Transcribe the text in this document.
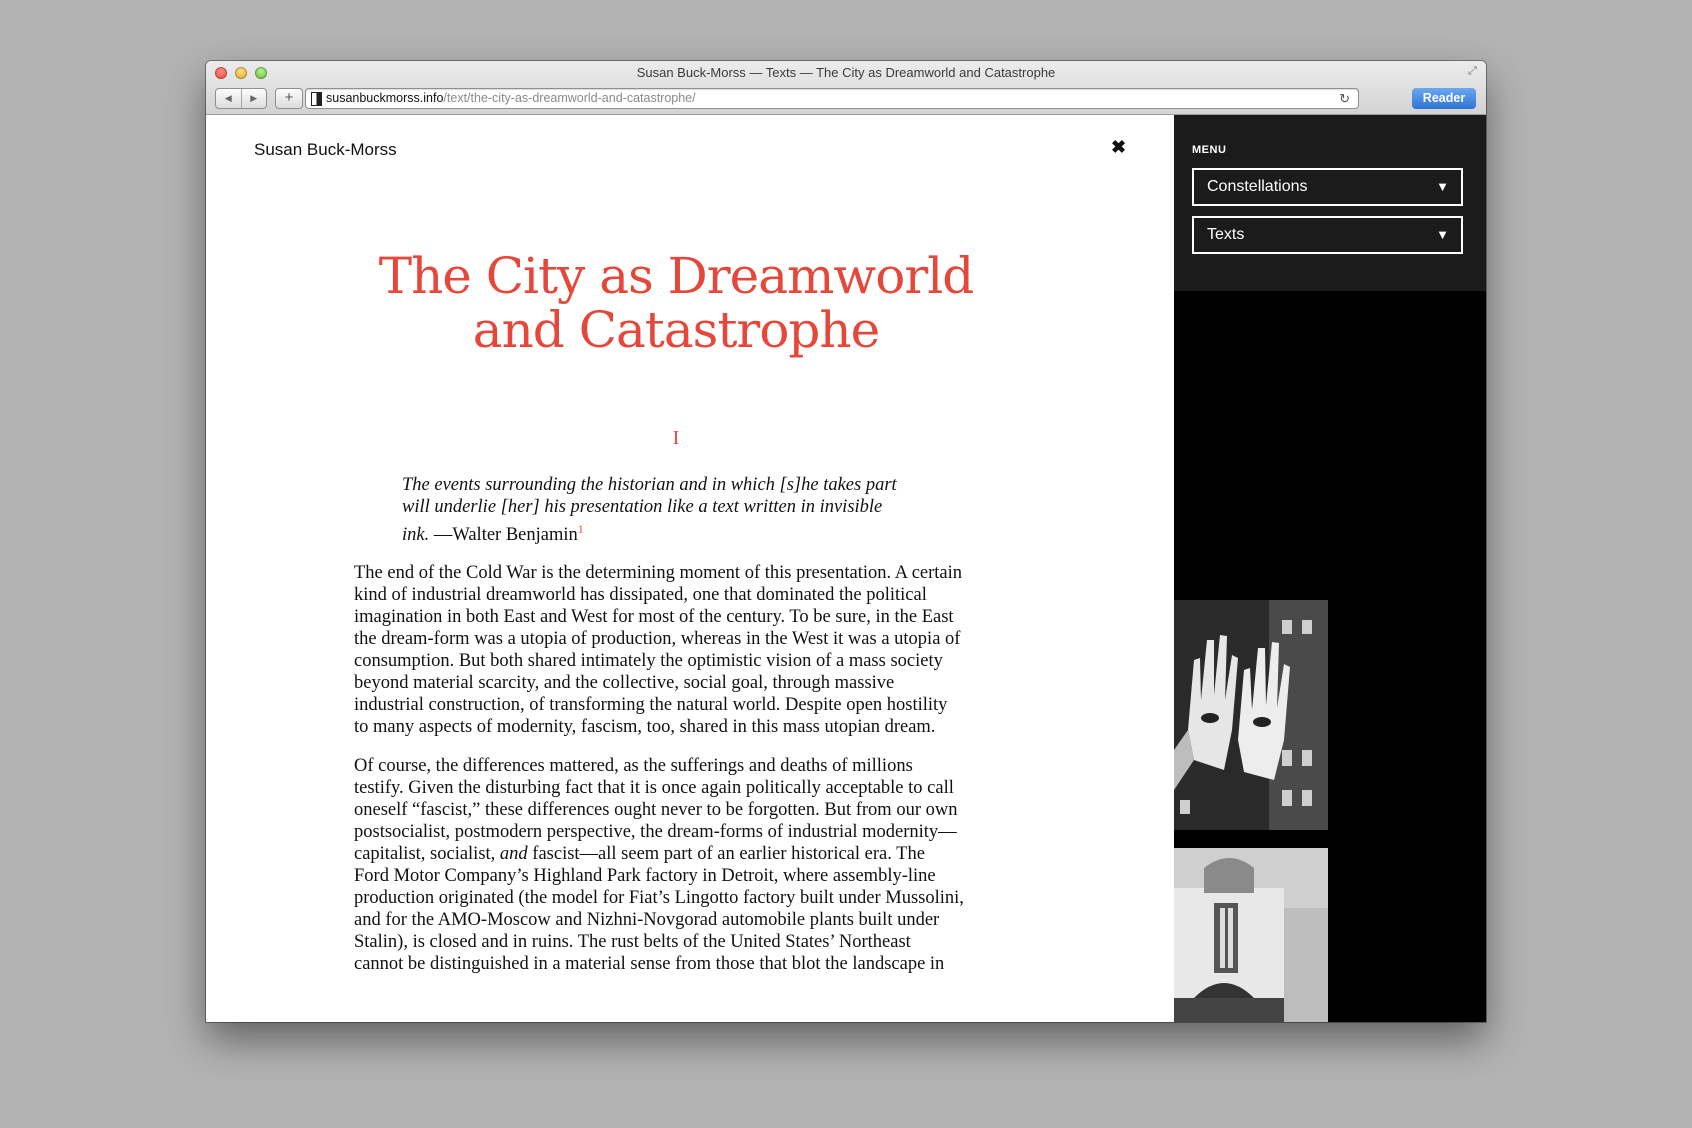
Susan Buck-Morss — Texts — The City as Dreamworld and Catastrophe	⤢
◀	▶	+	susanbuckmorss.info/text/the-city-as-dreamworld-and-catastrophe/	↻	Reader
Susan Buck-Morss	✖
The City as Dreamworld
and Catastrophe
I
The events surrounding the historian and in which [s]he takes part will underlie [her] his presentation like a text written in invisible ink. —Walter Benjamin$^1$

The end of the Cold War is the determining moment of this presentation. A certain kind of industrial dreamworld has dissipated, one that dominated the political imagination in both East and West for most of the century. To be sure, in the East the dream-form was a utopia of production, whereas in the West it was a utopia of consumption. But both shared intimately the optimistic vision of a mass society beyond material scarcity, and the collective, social goal, through massive industrial construction, of transforming the natural world. Despite open hostility to many aspects of modernity, fascism, too, shared in this mass utopian dream.

Of course, the differences mattered, as the sufferings and deaths of millions testify. Given the disturbing fact that it is once again politically acceptable to call oneself “fascist,” these differences ought never to be forgotten. But from our own postsocialist, postmodern perspective, the dream-forms of industrial modernity—capitalist, socialist, and fascist—all seem part of an earlier historical era. The Ford Motor Company’s Highland Park factory in Detroit, where assembly-line production originated (the model for Fiat’s Lingotto factory built under Mussolini, and for the AMO-Moscow and Nizhni-Novgorad automobile plants built under Stalin), is closed and in ruins. The rust belts of the United States’ Northeast cannot be distinguished in a material sense from those that blot the landscape in

MENU
Constellations	▼
Texts	▼
